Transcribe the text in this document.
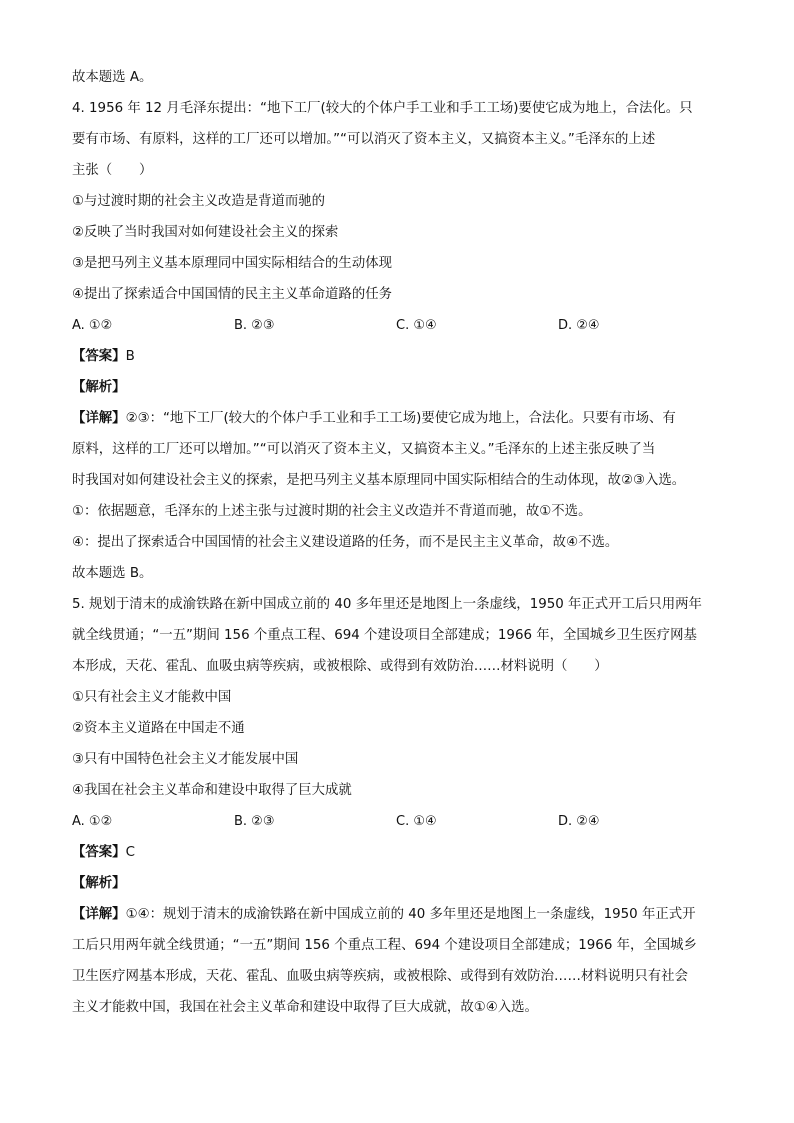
故本题选 A。
4. 1956 年 12 月毛泽东提出：“地下工厂(较大的个体户手工业和手工工场)要使它成为地上，合法化。只
要有市场、有原料，这样的工厂还可以增加。”“可以消灭了资本主义，又搞资本主义。”毛泽东的上述
主张（　　）
①与过渡时期的社会主义改造是背道而驰的
②反映了当时我国对如何建设社会主义的探索
③是把马列主义基本原理同中国实际相结合的生动体现
④提出了探索适合中国国情的民主主义革命道路的任务
A. ①②	B. ②③	C. ①④	D. ②④
【答案】B
【解析】
【详解】②③：“地下工厂(较大的个体户手工业和手工工场)要使它成为地上，合法化。只要有市场、有
原料，这样的工厂还可以增加。”“可以消灭了资本主义，又搞资本主义。”毛泽东的上述主张反映了当
时我国对如何建设社会主义的探索，是把马列主义基本原理同中国实际相结合的生动体现，故②③入选。
①：依据题意，毛泽东的上述主张与过渡时期的社会主义改造并不背道而驰，故①不选。
④：提出了探索适合中国国情的社会主义建设道路的任务，而不是民主主义革命，故④不选。
故本题选 B。
5. 规划于清末的成渝铁路在新中国成立前的 40 多年里还是地图上一条虚线，1950 年正式开工后只用两年
就全线贯通；“一五”期间 156 个重点工程、694 个建设项目全部建成；1966 年，全国城乡卫生医疗网基
本形成，天花、霍乱、血吸虫病等疾病，或被根除、或得到有效防治……材料说明（　　）
①只有社会主义才能救中国
②资本主义道路在中国走不通
③只有中国特色社会主义才能发展中国
④我国在社会主义革命和建设中取得了巨大成就
A. ①②	B. ②③	C. ①④	D. ②④
【答案】C
【解析】
【详解】①④：规划于清末的成渝铁路在新中国成立前的 40 多年里还是地图上一条虚线，1950 年正式开
工后只用两年就全线贯通；“一五”期间 156 个重点工程、694 个建设项目全部建成；1966 年，全国城乡
卫生医疗网基本形成，天花、霍乱、血吸虫病等疾病，或被根除、或得到有效防治……材料说明只有社会
主义才能救中国，我国在社会主义革命和建设中取得了巨大成就，故①④入选。
